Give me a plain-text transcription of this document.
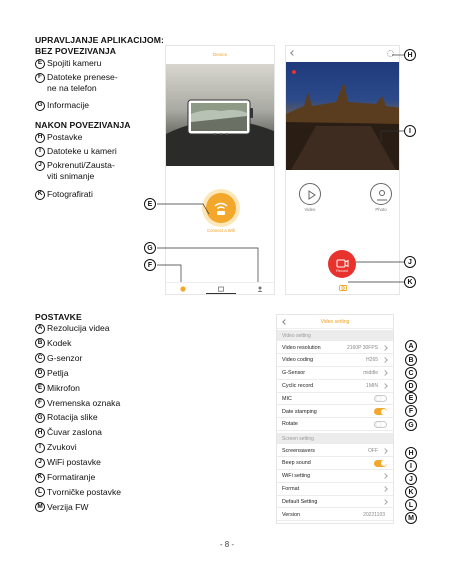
UPRAVLJANJE APLIKACIJOM:
BEZ POVEZIVANJA
E Spojiti kameru
F Datoteke prenese-
ne na telefon
G Informacije
NAKON POVEZIVANJA
H Postavke
I Datoteke u kameri
J Pokrenuti/Zausta-
viti snimanje
K Fotografirati
Device
Connect a Wifi
Video	Photo
Record
E
G
F
H
I
J
K
POSTAVKE
A Rezolucija videa
B Kodek
C G-senzor
D Petlja
E Mikrofon
F Vremenska oznaka
G Rotacija slike
H Čuvar zaslona
I Zvukovi
J WiFi postavke
K Formatiranje
L Tvorničke postavke
M Verzija FW
Video setting
Video setting
Video resolution	2160P 30FPS
Video coding	H265
G-Sensor	middle
Cyclic record	1MIN
MIC
Date stamping
Rotate
Screen setting
Screensavers	OFF
Beep sound
WiFi setting
Format
Default Setting
Version	20221103
A
B
C
D
E
F
G
H
I
J
K
L
M
- 8 -
